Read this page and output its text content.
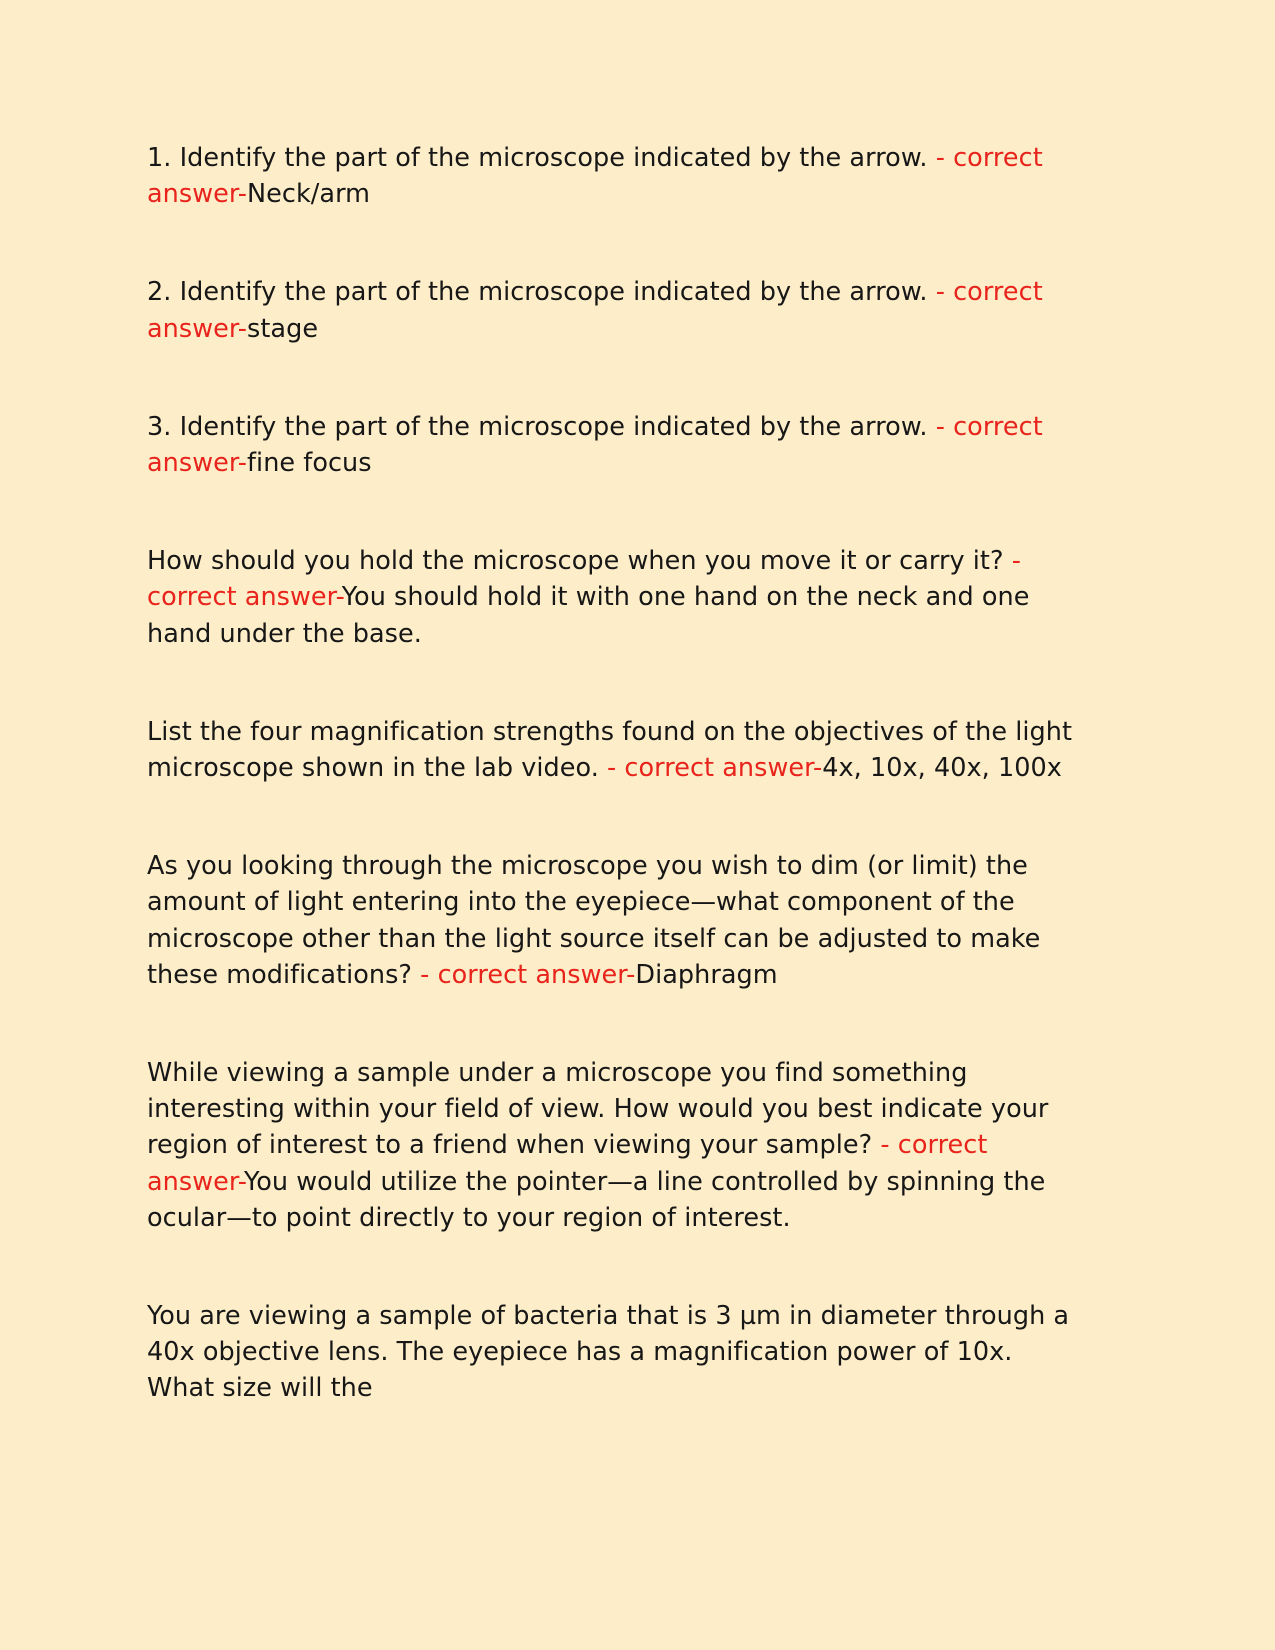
1. Identify the part of the microscope indicated by the arrow. - correct answer-Neck/arm

2. Identify the part of the microscope indicated by the arrow. - correct answer-stage

3. Identify the part of the microscope indicated by the arrow. - correct answer-fine focus

How should you hold the microscope when you move it or carry it? - correct answer-You should hold it with one hand on the neck and one hand under the base.

List the four magnification strengths found on the objectives of the light microscope shown in the lab video. - correct answer-4x, 10x, 40x, 100x

As you looking through the microscope you wish to dim (or limit) the amount of light entering into the eyepiece—what component of the microscope other than the light source itself can be adjusted to make these modifications? - correct answer-Diaphragm

While viewing a sample under a microscope you find something interesting within your field of view. How would you best indicate your region of interest to a friend when viewing your sample? - correct answer-You would utilize the pointer—a line controlled by spinning the ocular—to point directly to your region of interest.

You are viewing a sample of bacteria that is 3 µm in diameter through a 40x objective lens. The eyepiece has a magnification power of 10x. What size will the
